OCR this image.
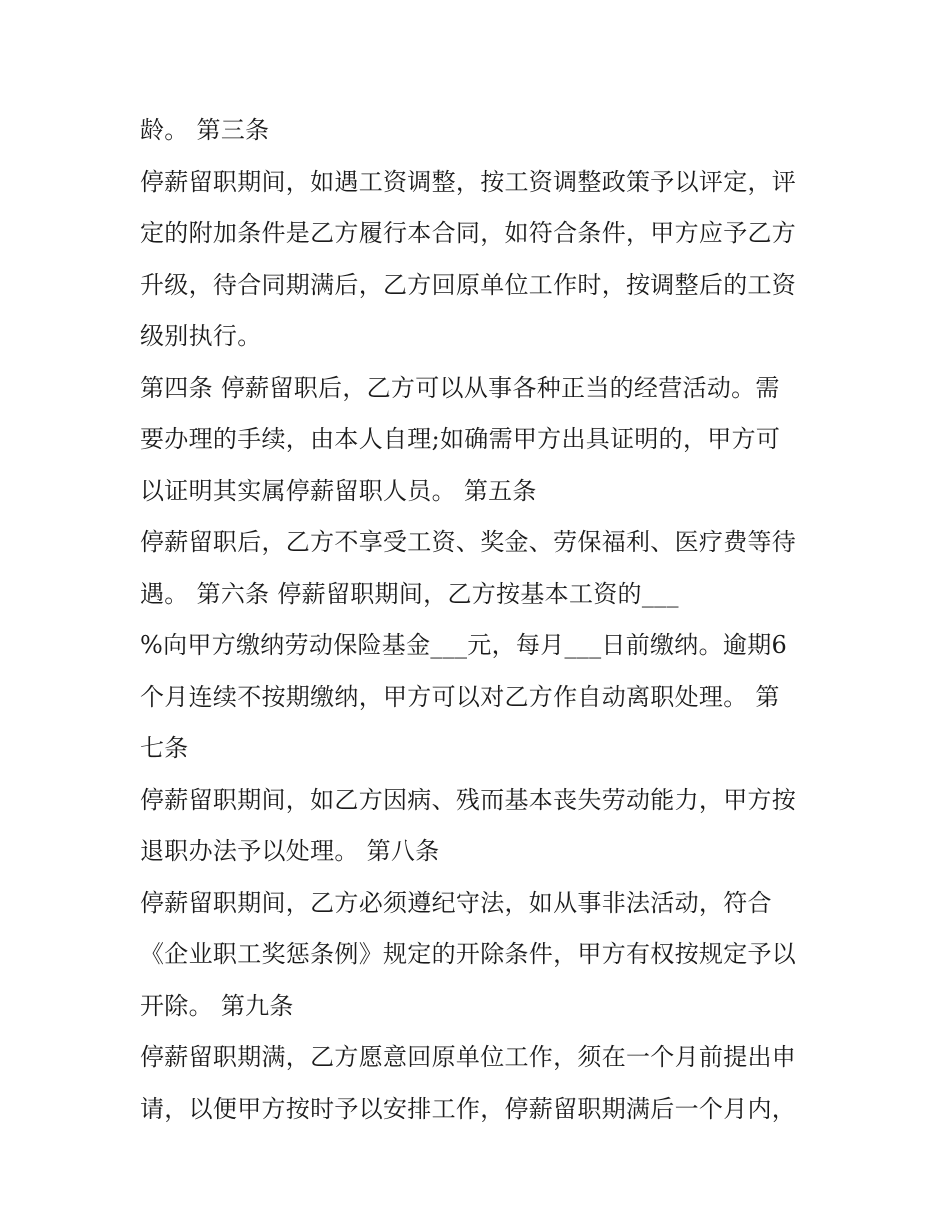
龄。 第三条
停薪留职期间，如遇工资调整，按工资调整政策予以评定，评
定的附加条件是乙方履行本合同，如符合条件，甲方应予乙方
升级，待合同期满后，乙方回原单位工作时，按调整后的工资
级别执行。
第四条 停薪留职后，乙方可以从事各种正当的经营活动。需
要办理的手续，由本人自理;如确需甲方出具证明的，甲方可
以证明其实属停薪留职人员。 第五条
停薪留职后，乙方不享受工资、奖金、劳保福利、医疗费等待
遇。 第六条 停薪留职期间，乙方按基本工资的___
%向甲方缴纳劳动保险基金___元，每月___日前缴纳。逾期6
个月连续不按期缴纳，甲方可以对乙方作自动离职处理。 第
七条
停薪留职期间，如乙方因病、残而基本丧失劳动能力，甲方按
退职办法予以处理。 第八条
停薪留职期间，乙方必须遵纪守法，如从事非法活动，符合
《企业职工奖惩条例》规定的开除条件，甲方有权按规定予以
开除。 第九条
停薪留职期满，乙方愿意回原单位工作，须在一个月前提出申
请，以便甲方按时予以安排工作，停薪留职期满后一个月内，
